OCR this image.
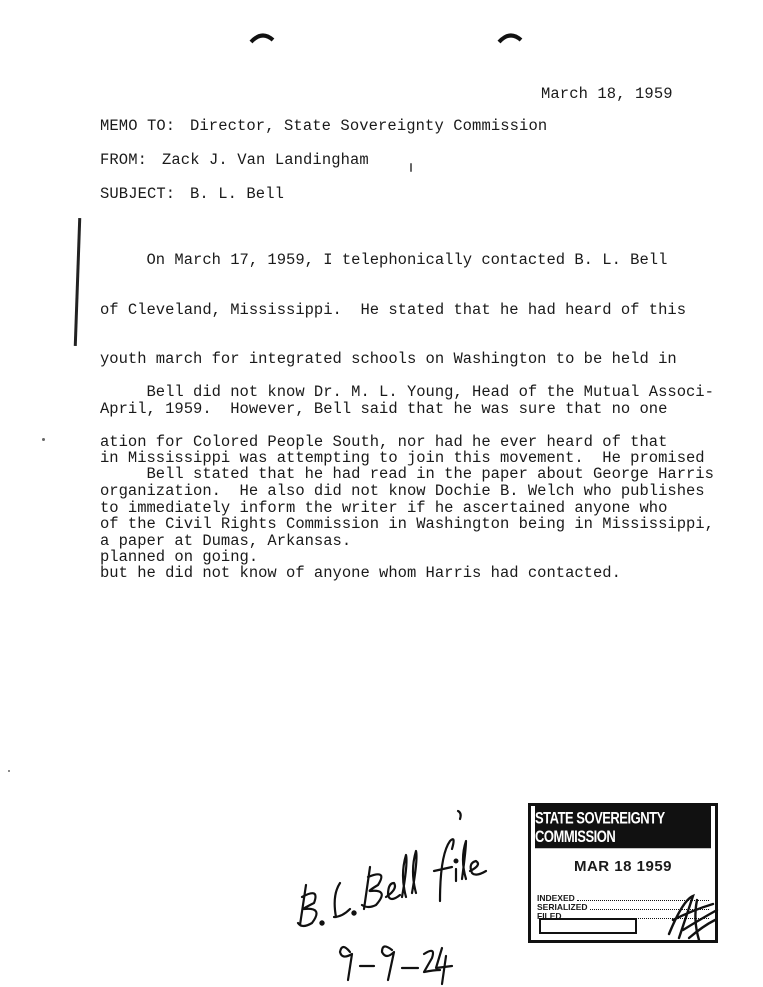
March 18, 1959
MEMO TO: Director, State Sovereignty Commission
FROM: Zack J. Van Landingham
SUBJECT: B. L. Bell

On March 17, 1959, I telephonically contacted B. L. Bell

of Cleveland, Mississippi.  He stated that he had heard of this

youth march for integrated schools on Washington to be held in

April, 1959.  However, Bell said that he was sure that no one

in Mississippi was attempting to join this movement.  He promised

to immediately inform the writer if he ascertained anyone who

planned on going.

Bell did not know Dr. M. L. Young, Head of the Mutual Associ-

ation for Colored People South, nor had he ever heard of that

organization.  He also did not know Dochie B. Welch who publishes

a paper at Dumas, Arkansas.

Bell stated that he had read in the paper about George Harris

of the Civil Rights Commission in Washington being in Mississippi,

but he did not know of anyone whom Harris had contacted.

STATE SOVEREIGNTY COMMISSION
MAR 18 1959
INDEXED
SERIALIZED
FILED
